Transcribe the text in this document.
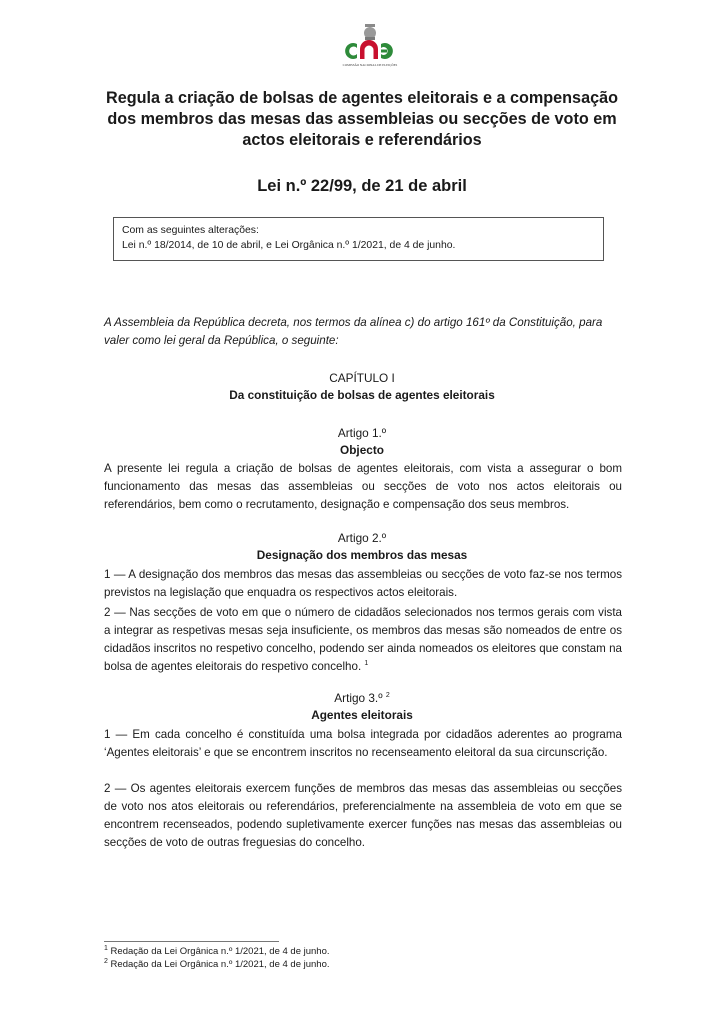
COMISSÃO NACIONAL DE ELEIÇÕES
Regula a criação de bolsas de agentes eleitorais e a compensação
dos membros das mesas das assembleias ou secções de voto em
actos eleitorais e referendários
Lei n.º 22/99, de 21 de abril
Com as seguintes alterações:
Lei n.º 18/2014, de 10 de abril, e Lei Orgânica n.º 1/2021, de 4 de junho.
A Assembleia da República decreta, nos termos da alínea c) do artigo 161º da Constituição, para valer como lei geral da República, o seguinte:
CAPÍTULO I
Da constituição de bolsas de agentes eleitorais
Artigo 1.º
Objecto
A presente lei regula a criação de bolsas de agentes eleitorais, com vista a assegurar o bom funcionamento das mesas das assembleias ou secções de voto nos actos eleitorais ou referendários, bem como o recrutamento, designação e compensação dos seus membros.
Artigo 2.º
Designação dos membros das mesas
1 — A designação dos membros das mesas das assembleias ou secções de voto faz-se nos termos previstos na legislação que enquadra os respectivos actos eleitorais.
2 — Nas secções de voto em que o número de cidadãos selecionados nos termos gerais com vista a integrar as respetivas mesas seja insuficiente, os membros das mesas são nomeados de entre os cidadãos inscritos no respetivo concelho, podendo ser ainda nomeados os eleitores que constam na bolsa de agentes eleitorais do respetivo concelho. $^1$
Artigo 3.º $^2$
Agentes eleitorais
1 — Em cada concelho é constituída uma bolsa integrada por cidadãos aderentes ao programa ‘Agentes eleitorais’ e que se encontrem inscritos no recenseamento eleitoral da sua circunscrição.
2 — Os agentes eleitorais exercem funções de membros das mesas das assembleias ou secções de voto nos atos eleitorais ou referendários, preferencialmente na assembleia de voto em que se encontrem recenseados, podendo supletivamente exercer funções nas mesas das assembleias ou secções de voto de outras freguesias do concelho.
$^1$ Redação da Lei Orgânica n.º 1/2021, de 4 de junho.
$^2$ Redação da Lei Orgânica n.º 1/2021, de 4 de junho.
